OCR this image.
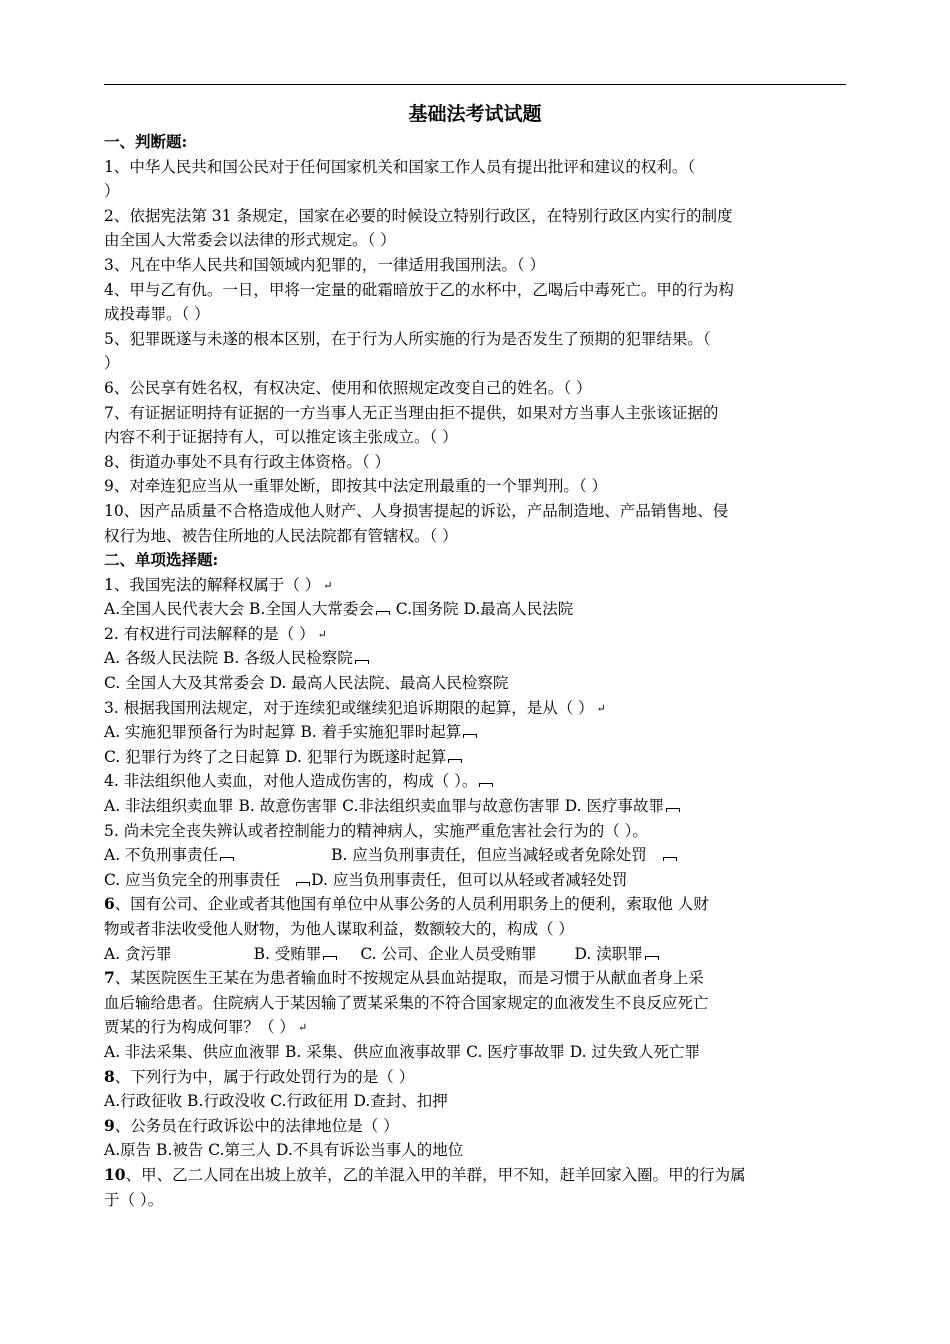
基础法考试试题
一、判断题:
1、中华人民共和国公民对于任何国家机关和国家工作人员有提出批评和建议的权利。（
）
2、依据宪法第 31 条规定，国家在必要的时候设立特别行政区，在特别行政区内实行的制度
由全国人大常委会以法律的形式规定。（ ）
3、凡在中华人民共和国领域内犯罪的，一律适用我国刑法。（ ）
4、甲与乙有仇。一日，甲将一定量的砒霜暗放于乙的水杯中，乙喝后中毒死亡。甲的行为构
成投毒罪。（ ）
5、犯罪既遂与未遂的根本区别，在于行为人所实施的行为是否发生了预期的犯罪结果。（
）
6、公民享有姓名权，有权决定、使用和依照规定改变自己的姓名。（ ）
7、有证据证明持有证据的一方当事人无正当理由拒不提供，如果对方当事人主张该证据的
内容不利于证据持有人，可以推定该主张成立。（ ）
8、街道办事处不具有行政主体资格。（ ）
9、对牵连犯应当从一重罪处断，即按其中法定刑最重的一个罪判刑。（ ）
10、因产品质量不合格造成他人财产、人身损害提起的诉讼，产品制造地、产品销售地、侵
权行为地、被告住所地的人民法院都有管辖权。（ ）
二、单项选择题:
1、我国宪法的解释权属于（ ） ↵
A.全国人民代表大会 B.全国人大常委会 C.国务院 D.最高人民法院
2. 有权进行司法解释的是（ ） ↵
A. 各级人民法院 B. 各级人民检察院
C. 全国人大及其常委会 D. 最高人民法院、最高人民检察院
3. 根据我国刑法规定，对于连续犯或继续犯追诉期限的起算，是从（ ） ↵
A. 实施犯罪预备行为时起算 B. 着手实施犯罪时起算
C. 犯罪行为终了之日起算 D. 犯罪行为既遂时起算
4. 非法组织他人卖血，对他人造成伤害的，构成（ ）。
A. 非法组织卖血罪 B. 故意伤害罪 C.非法组织卖血罪与故意伤害罪 D. 医疗事故罪
5. 尚未完全丧失辨认或者控制能力的精神病人，实施严重危害社会行为的（ ）。
A. 不负刑事责任	B. 应当负刑事责任，但应当减轻或者免除处罚
C. 应当负完全的刑事责任 D. 应当负刑事责任，但可以从轻或者减轻处罚
6、国有公司、企业或者其他国有单位中从事公务的人员利用职务上的便利，索取他 人财
物或者非法收受他人财物，为他人谋取利益，数额较大的，构成（ ）
A. 贪污罪	B. 受贿罪	C. 公司、企业人员受贿罪 D. 渎职罪
7、某医院医生王某在为患者输血时不按规定从县血站提取，而是习惯于从献血者身上采
血后输给患者。住院病人于某因输了贾某采集的不符合国家规定的血液发生不良反应死亡
贾某的行为构成何罪？（ ） ↵
A. 非法采集、供应血液罪 B. 采集、供应血液事故罪 C. 医疗事故罪 D. 过失致人死亡罪
8、下列行为中，属于行政处罚行为的是（ ）
A.行政征收 B.行政没收 C.行政征用 D.查封、扣押
9、公务员在行政诉讼中的法律地位是（ ）
A.原告 B.被告 C.第三人 D.不具有诉讼当事人的地位
10、甲、乙二人同在出坡上放羊，乙的羊混入甲的羊群，甲不知，赶羊回家入圈。甲的行为属
于（ ）。
